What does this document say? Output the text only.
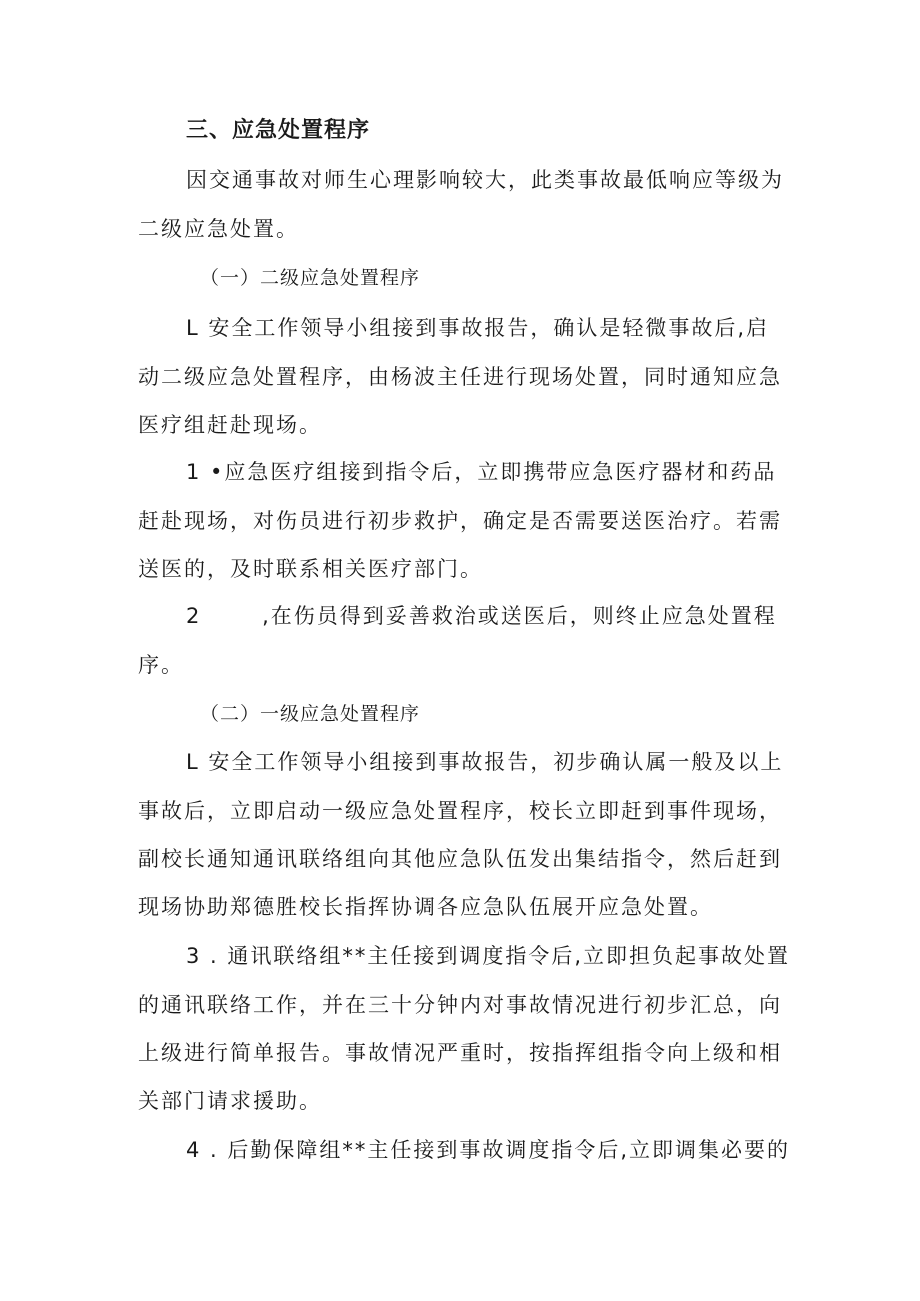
三、应急处置程序
因交通事故对师生心理影响较大，此类事故最低响应等级为
二级应急处置。
（一）二级应急处置程序
L 安全工作领导小组接到事故报告，确认是轻微事故后,启
动二级应急处置程序，由杨波主任进行现场处置，同时通知应急
医疗组赶赴现场。
1 •应急医疗组接到指令后，立即携带应急医疗器材和药品
赶赴现场，对伤员进行初步救护，确定是否需要送医治疗。若需
送医的，及时联系相关医疗部门。
2       ,在伤员得到妥善救治或送医后，则终止应急处置程
序。
（二）一级应急处置程序
L 安全工作领导小组接到事故报告，初步确认属一般及以上
事故后，立即启动一级应急处置程序，校长立即赶到事件现场，
副校长通知通讯联络组向其他应急队伍发出集结指令，然后赶到
现场协助郑德胜校长指挥协调各应急队伍展开应急处置。
3 . 通讯联络组**主任接到调度指令后,立即担负起事故处置
的通讯联络工作，并在三十分钟内对事故情况进行初步汇总，向
上级进行简单报告。事故情况严重时，按指挥组指令向上级和相
关部门请求援助。
4 . 后勤保障组**主任接到事故调度指令后,立即调集必要的
